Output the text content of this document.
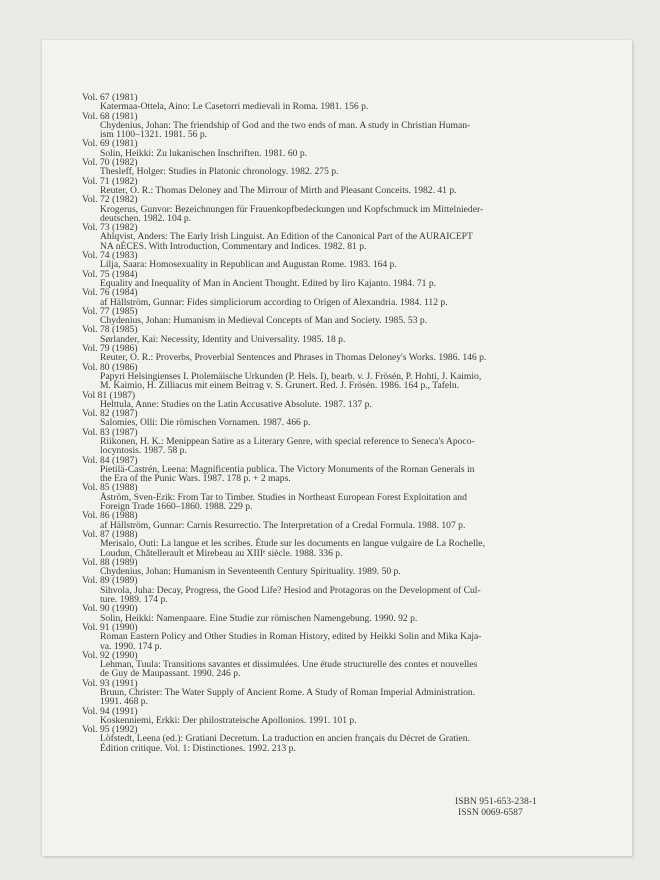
Vol. 67 (1981)
Katermaa-Ottela, Aino: Le Casetorri medievali in Roma. 1981. 156 p.
Vol. 68 (1981)
Chydenius, Johan: The friendship of God and the two ends of man. A study in Christian Human-
ism 1100–1321. 1981. 56 p.
Vol. 69 (1981)
Solin, Heikki: Zu lukanischen Inschriften. 1981. 60 p.
Vol. 70 (1982)
Thesleff, Holger: Studies in Platonic chronology. 1982. 275 p.
Vol. 71 (1982)
Reuter, O. R.: Thomas Deloney and The Mirrour of Mirth and Pleasant Conceits. 1982. 41 p.
Vol. 72 (1982)
Krogerus, Gunvor: Bezeichnungen für Frauenkopfbedeckungen und Kopfschmuck im Mittelnieder-
deutschen. 1982. 104 p.
Vol. 73 (1982)
Ahlqvist, Anders: The Early Irish Linguist. An Edition of the Canonical Part of the AURAICEPT
NA nÉCES. With Introduction, Commentary and Indices. 1982. 81 p.
Vol. 74 (1983)
Lilja, Saara: Homosexuality in Republican and Augustan Rome. 1983. 164 p.
Vol. 75 (1984)
Equality and Inequality of Man in Ancient Thought. Edited by Iiro Kajanto. 1984. 71 p.
Vol. 76 (1984)
af Hällström, Gunnar: Fides simpliciorum according to Origen of Alexandria. 1984. 112 p.
Vol. 77 (1985)
Chydenius, Johan: Humanism in Medieval Concepts of Man and Society. 1985. 53 p.
Vol. 78 (1985)
Sørlander, Kai: Necessity, Identity and Universality. 1985. 18 p.
Vol. 79 (1986)
Reuter, O. R.: Proverbs, Proverbial Sentences and Phrases in Thomas Deloney's Works. 1986. 146 p.
Vol. 80 (1986)
Papyri Helsingienses I. Ptolemäische Urkunden (P. Hels. I), bearb. v. J. Frösén, P. Hohti, J. Kaimio,
M. Kaimio, H. Zilliacus mit einem Beitrag v. S. Grunert. Red. J. Frösén. 1986. 164 p., Tafeln.
Vol 81 (1987)
Helttula, Anne: Studies on the Latin Accusative Absolute. 1987. 137 p.
Vol. 82 (1987)
Salomies, Olli: Die römischen Vornamen. 1987. 466 p.
Vol. 83 (1987)
Riikonen, H. K.: Menippean Satire as a Literary Genre, with special reference to Seneca's Apoco-
locyntosis. 1987. 58 p.
Vol. 84 (1987)
Pietilä-Castrén, Leena: Magnificentia publica. The Victory Monuments of the Roman Generals in
the Era of the Punic Wars. 1987. 178 p. + 2 maps.
Vol. 85 (1988)
Åström, Sven-Erik: From Tar to Timber. Studies in Northeast European Forest Exploitation and
Foreign Trade 1660–1860. 1988. 229 p.
Vol. 86 (1988)
af Hällström, Gunnar: Carnis Resurrectio. The Interpretation of a Credal Formula. 1988. 107 p.
Vol. 87 (1988)
Merisalo, Outi: La langue et les scribes. Étude sur les documents en langue vulgaire de La Rochelle,
Loudun, Châtellerault et Mirebeau au XIIIᵉ siècle. 1988. 336 p.
Vol. 88 (1989)
Chydenius, Johan: Humanism in Seventeenth Century Spirituality. 1989. 50 p.
Vol. 89 (1989)
Sihvola, Juha: Decay, Progress, the Good Life? Hesiod and Protagoras on the Development of Cul-
ture. 1989. 174 p.
Vol. 90 (1990)
Solin, Heikki: Namenpaare. Eine Studie zur römischen Namengebung. 1990. 92 p.
Vol. 91 (1990)
Roman Eastern Policy and Other Studies in Roman History, edited by Heikki Solin and Mika Kaja-
va. 1990. 174 p.
Vol. 92 (1990)
Lehman, Tuula: Transitions savantes et dissimulées. Une étude structurelle des contes et nouvelles
de Guy de Maupassant. 1990. 246 p.
Vol. 93 (1991)
Bruun, Christer: The Water Supply of Ancient Rome. A Study of Roman Imperial Administration.
1991. 468 p.
Vol. 94 (1991)
Koskenniemi, Erkki: Der philostrateische Apollonios. 1991. 101 p.
Vol. 95 (1992)
Löfstedt, Leena (ed.): Gratiani Decretum. La traduction en ancien français du Décret de Gratien.
Édition critique. Vol. 1: Distinctiones. 1992. 213 p.
ISBN 951-653-238-1
ISSN 0069-6587
